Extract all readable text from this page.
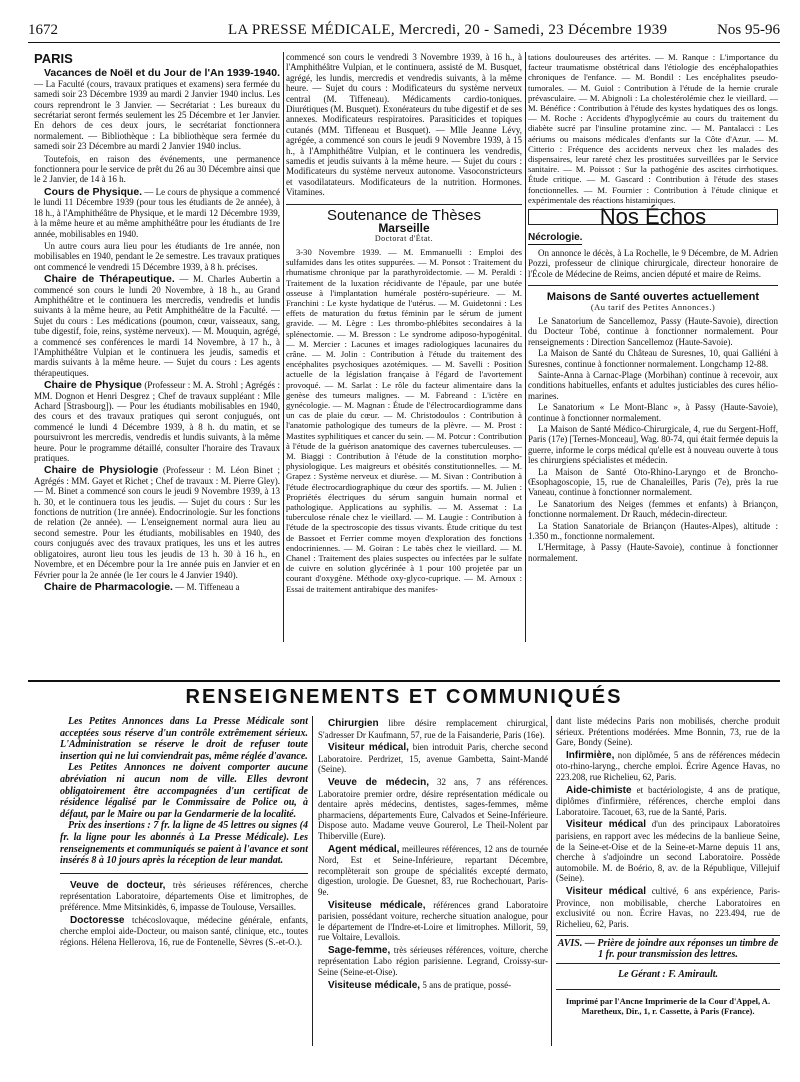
1672	LA PRESSE MÉDICALE, Mercredi, 20 - Samedi, 23 Décembre 1939	Nos 95-96
PARIS

Vacances de Noël et du Jour de l'An 1939-1940. — La Faculté (cours, travaux pratiques et examens) sera fermée du samedi soir 23 Décembre 1939 au mardi 2 Janvier 1940 inclus. Les cours reprendront le 3 Janvier. — Secrétariat : Les bureaux du secrétariat seront fermés seulement les 25 Décembre et 1er Janvier. En dehors de ces deux jours, le secrétariat fonctionnera normalement. — Bibliothèque : La bibliothèque sera fermée du samedi soir 23 Décembre au mardi 2 Janvier 1940 inclus.

Toutefois, en raison des événements, une permanence fonctionnera pour le service de prêt du 26 au 30 Décembre ainsi que le 2 Janvier, de 14 à 16 h.

Cours de Physique. — Le cours de physique a commencé le lundi 11 Décembre 1939 (pour tous les étudiants de 2e année), à 18 h., à l'Amphithéâtre de Physique, et le mardi 12 Décembre 1939, à la même heure et au même amphithéâtre pour les étudiants de 1re année, mobilisables en 1940.

Un autre cours aura lieu pour les étudiants de 1re année, non mobilisables en 1940, pendant le 2e semestre. Les travaux pratiques ont commencé le vendredi 15 Décembre 1939, à 8 h. précises.

Chaire de Thérapeutique. — M. Charles Aubertin a commencé son cours le lundi 20 Novembre, à 18 h., au Grand Amphithéâtre et le continuera les mercredis, vendredis et lundis suivants à la même heure, au Petit Amphithéâtre de la Faculté. — Sujet du cours : Les médications (poumon, cœur, vaisseaux, sang, tube digestif, foie, reins, système nerveux). — M. Mouquin, agrégé, a commencé ses conférences le mardi 14 Novembre, à 17 h., à l'Amphithéâtre Vulpian et le continuera les jeudis, samedis et mardis suivants à la même heure. — Sujet du cours : Les agents thérapeutiques.

Chaire de Physique (Professeur : M. A. Strohl ; Agrégés : MM. Dognon et Henri Desgrez ; Chef de travaux suppléant : Mlle Achard [Strasbourg]). — Pour les étudiants mobilisables en 1940, des cours et des travaux pratiques qui seront conjugués, ont commencé le lundi 4 Décembre 1939, à 8 h. du matin, et se poursuivront les mercredis, vendredis et lundis suivants, à la même heure. Pour le programme détaillé, consulter l'horaire des Travaux pratiques.

Chaire de Physiologie (Professeur : M. Léon Binet ; Agrégés : MM. Gayet et Richet ; Chef de travaux : M. Pierre Gley). — M. Binet a commencé son cours le jeudi 9 Novembre 1939, à 13 h. 30, et le continuera tous les jeudis. — Sujet du cours : Sur les fonctions de nutrition (1re année). Endocrinologie. Sur les fonctions de relation (2e année). — L'enseignement normal aura lieu au second semestre. Pour les étudiants, mobilisables en 1940, des cours conjugués avec des travaux pratiques, les uns et les autres obligatoires, auront lieu tous les jeudis de 13 h. 30 à 16 h., en Novembre, et en Décembre pour la 1re année puis en Janvier et en Février pour la 2e année (le 1er cours le 4 Janvier 1940).

Chaire de Pharmacologie. — M. Tiffeneau a

commencé son cours le vendredi 3 Novembre 1939, à 16 h., à l'Amphithéâtre Vulpian, et le continuera, assisté de M. Busquet, agrégé, les lundis, mercredis et vendredis suivants, à la même heure. — Sujet du cours : Modificateurs du système nerveux central (M. Tiffeneau). Médicaments cardio-toniques. Diurétiques (M. Busquet). Exonérateurs du tube digestif et de ses annexes. Modificateurs respiratoires. Parasiticides et topiques cutanés (MM. Tiffeneau et Busquet). — Mlle Jeanne Lévy, agrégée, a commencé son cours le jeudi 9 Novembre 1939, à 15 h., à l'Amphithéâtre Vulpian, et le continuera les vendredis, samedis et jeudis suivants à la même heure. — Sujet du cours : Modificateurs du système nerveux autonome. Vasoconstricteurs et vasodilatateurs. Modificateurs de la nutrition. Hormones. Vitamines.

Soutenance de Thèses
Marseille
Doctorat d'État.

3-30 Novembre 1939. — M. Emmanuelli : Emploi des sulfamides dans les otites suppurées. — M. Ponsot : Traitement du rhumatisme chronique par la parathyroïdectomie. — M. Peraldi : Traitement de la luxation récidivante de l'épaule, par une butée osseuse à l'implantation humérale postéro-supérieure. — M. Franchini : Le kyste hydatique de l'utérus. — M. Guidetonni : Les effets de maturation du fœtus féminin par le sérum de jument gravide. — M. Lègre : Les thrombo-phlébites secondaires à la splénectomie. — M. Bresson : Le syndrome adiposo-hypogénital. — M. Mercier : Lacunes et images radiologiques lacunaires du crâne. — M. Jolin : Contribution à l'étude du traitement des encéphalites psychosiques azotémiques. — M. Savelli : Position actuelle de la législation française à l'égard de l'avortement provoqué. — M. Sarlat : Le rôle du facteur alimentaire dans la genèse des tumeurs malignes. — M. Fabreand : L'ictère en gynécologie. — M. Magnan : Étude de l'électrocardiogramme dans un cas de plaie du cœur. — M. Christodoulos : Contribution à l'anatomie pathologique des tumeurs de la plèvre. — M. Prost : Mastites syphilitiques et cancer du sein. — M. Potcur : Contribution à l'étude de la guérison anatomique des cavernes tuberculeuses. — M. Biaggi : Contribution à l'étude de la constitution morpho-physiologique. Les maigreurs et obésités constitutionnelles. — M. Grapez : Système nerveux et diurèse. — M. Sivan : Contribution à l'étude électrocardiographique du cœur des sportifs. — M. Julien : Propriétés électriques du sérum sanguin humain normal et pathologique. Applications au syphilis. — M. Assemat : La tuberculose rénale chez le vieillard. — M. Laugie : Contribution à l'étude de la spectroscopie des tissus vivants. Étude critique du test de Bassoet et Ferrier comme moyen d'exploration des fonctions endocriniennes. — M. Goiran : Le tabès chez le vieillard. — M. Chanel : Traitement des plaies suspectes ou infectées par le sulfate de cuivre en solution glycérinée à 1 pour 100 projetée par un courant d'oxygène. Méthode oxy-glyco-cuprique. — M. Arnoux : Essai de traitement antirabique des manifes-

tations douloureuses des artérites. — M. Ranque : L'importance du facteur traumatisme obstétrical dans l'étiologie des encéphalopathies chroniques de l'enfance. — M. Bondil : Les encéphalites pseudo-tumorales. — M. Guiol : Contribution à l'étude de la hernie crurale prévasculaire. — M. Abignoli : La cholestérolémie chez le vieillard. — M. Bénéfice : Contribution à l'étude des kystes hydatiques des os longs. — M. Roche : Accidents d'hypoglycémie au cours du traitement du diabète sucré par l'insuline protamine zinc. — M. Pantalacci : Les aériums ou maisons médicales d'enfants sur la Côte d'Azur. — M. Citterio : Fréquence des accidents nerveux chez les malades des dispensaires, leur rareté chez les prostituées surveillées par le Service sanitaire. — M. Poissot : Sur la pathogénie des ascites cirrhotiques. Étude critique. — M. Gascard : Contribution à l'étude des stases fonctionnelles. — M. Fournier : Contribution à l'étude clinique et expérimentale des réactions histaminiques.

Nos Échos
Nécrologie.

On annonce le décès, à La Rochelle, le 9 Décembre, de M. Adrien Pozzi, professeur de clinique chirurgicale, directeur honoraire de l'École de Médecine de Reims, ancien député et maire de Reims.

Maisons de Santé ouvertes actuellement
(Au tarif des Petites Annonces.)

Le Sanatorium de Sancellemoz, Passy (Haute-Savoie), direction du Docteur Tobé, continue à fonctionner normalement. Pour renseignements : Direction Sancellemoz (Haute-Savoie).

La Maison de Santé du Château de Suresnes, 10, quai Galliéni à Suresnes, continue à fonctionner normalement. Longchamp 12-88.

Sainte-Anna à Carnac-Plage (Morbihan) continue à recevoir, aux conditions habituelles, enfants et adultes justiciables des cures hélio-marines.

Le Sanatorium « Le Mont-Blanc », à Passy (Haute-Savoie), continue à fonctionner normalement.

La Maison de Santé Médico-Chirurgicale, 4, rue du Sergent-Hoff, Paris (17e) [Ternes-Monceau], Wag. 80-74, qui était fermée depuis la guerre, informe le corps médical qu'elle est à nouveau ouverte à tous les chirurgiens spécialistes et médecin.

La Maison de Santé Oto-Rhino-Laryngo et de Broncho-Œsophagoscopie, 15, rue de Chanaleilles, Paris (7e), près la rue Vaneau, continue à fonctionner normalement.

Le Sanatorium des Neiges (femmes et enfants) à Briançon, fonctionne normalement. Dr Rauch, médecin-directeur.

La Station Sanatoriale de Briançon (Hautes-Alpes), altitude : 1.350 m., fonctionne normalement.

L'Hermitage, à Passy (Haute-Savoie), continue à fonctionner normalement.

RENSEIGNEMENTS ET COMMUNIQUÉS

Les Petites Annonces dans La Presse Médicale sont acceptées sous réserve d'un contrôle extrêmement sérieux. L'Administration se réserve le droit de refuser toute insertion qui ne lui conviendrait pas, même réglée d'avance.

Les Petites Annonces ne doivent comporter aucune abréviation ni aucun nom de ville. Elles devront obligatoirement être accompagnées d'un certificat de résidence légalisé par le Commissaire de Police ou, à défaut, par le Maire ou par la Gendarmerie de la localité.

Prix des insertions : 7 fr. la ligne de 45 lettres ou signes (4 fr. la ligne pour les abonnés à La Presse Médicale). Les renseignements et communiqués se paient à l'avance et sont insérés 8 à 10 jours après la réception de leur mandat.

Veuve de docteur, très sérieuses références, cherche représentation Laboratoire, départements Oise et limitrophes, de préférence. Mme Mitsinkidès, 6, impasse de Toulouse, Versailles.

Doctoresse tchécoslovaque, médecine générale, enfants, cherche emploi aide-Docteur, ou maison santé, clinique, etc., toutes régions. Hélena Hellerova, 16, rue de Fontenelle, Sèvres (S.-et-O.).

Chirurgien libre désire remplacement chirurgical, S'adresser Dr Kaufmann, 57, rue de la Faisanderie, Paris (16e).

Visiteur médical, bien introduit Paris, cherche second Laboratoire. Perdrizet, 15, avenue Gambetta, Saint-Mandé (Seine).

Veuve de médecin, 32 ans, 7 ans références. Laboratoire premier ordre, désire représentation médicale ou dentaire après médecins, dentistes, sages-femmes, même pharmaciens, départements Eure, Calvados et Seine-Inférieure. Dispose auto. Madame veuve Gourerol, Le Theil-Nolent par Thiberville (Eure).

Agent médical, meilleures références, 12 ans de tournée Nord, Est et Seine-Inférieure, repartant Décembre, recomplèterait son groupe de spécialités excepté dermato, digestion, urologie. De Guesnet, 83, rue Rochechouart, Paris-9e.

Visiteuse médicale, références grand Laboratoire parisien, possédant voiture, recherche situation analogue, pour le département de l'Indre-et-Loire et limitrophes. Millorit, 59, rue Voltaire, Levallois.

Sage-femme, très sérieuses références, voiture, cherche représentation Labo région parisienne. Legrand, Croissy-sur-Seine (Seine-et-Oise).

Visiteuse médicale, 5 ans de pratique, possé-

dant liste médecins Paris non mobilisés, cherche produit sérieux. Prétentions modérées. Mme Bonnin, 73, rue de la Gare, Bondy (Seine).

Infirmière, non diplômée, 5 ans de références médecin oto-rhino-laryng., cherche emploi. Écrire Agence Havas, no 223.208, rue Richelieu, 62, Paris.

Aide-chimiste et bactériologiste, 4 ans de pratique, diplômes d'infirmière, références, cherche emploi dans Laboratoire. Tacouet, 63, rue de la Santé, Paris.

Visiteur médical d'un des principaux Laboratoires parisiens, en rapport avec les médecins de la banlieue Seine, de la Seine-et-Oise et de la Seine-et-Marne depuis 11 ans, cherche à s'adjoindre un second Laboratoire. Possède automobile. M. de Boério, 8, av. de la République, Villejuif (Seine).

Visiteur médical cultivé, 6 ans expérience, Paris-Province, non mobilisable, cherche Laboratoires en exclusivité ou non. Écrire Havas, no 223.494, rue de Richelieu, 62, Paris.

AVIS. — Prière de joindre aux réponses un timbre de 1 fr. pour transmission des lettres.
Le Gérant : F. Amirault.
Imprimé par l'Ancne Imprimerie de la Cour d'Appel, A. Maretheux, Dir., 1, r. Cassette, à Paris (France).
